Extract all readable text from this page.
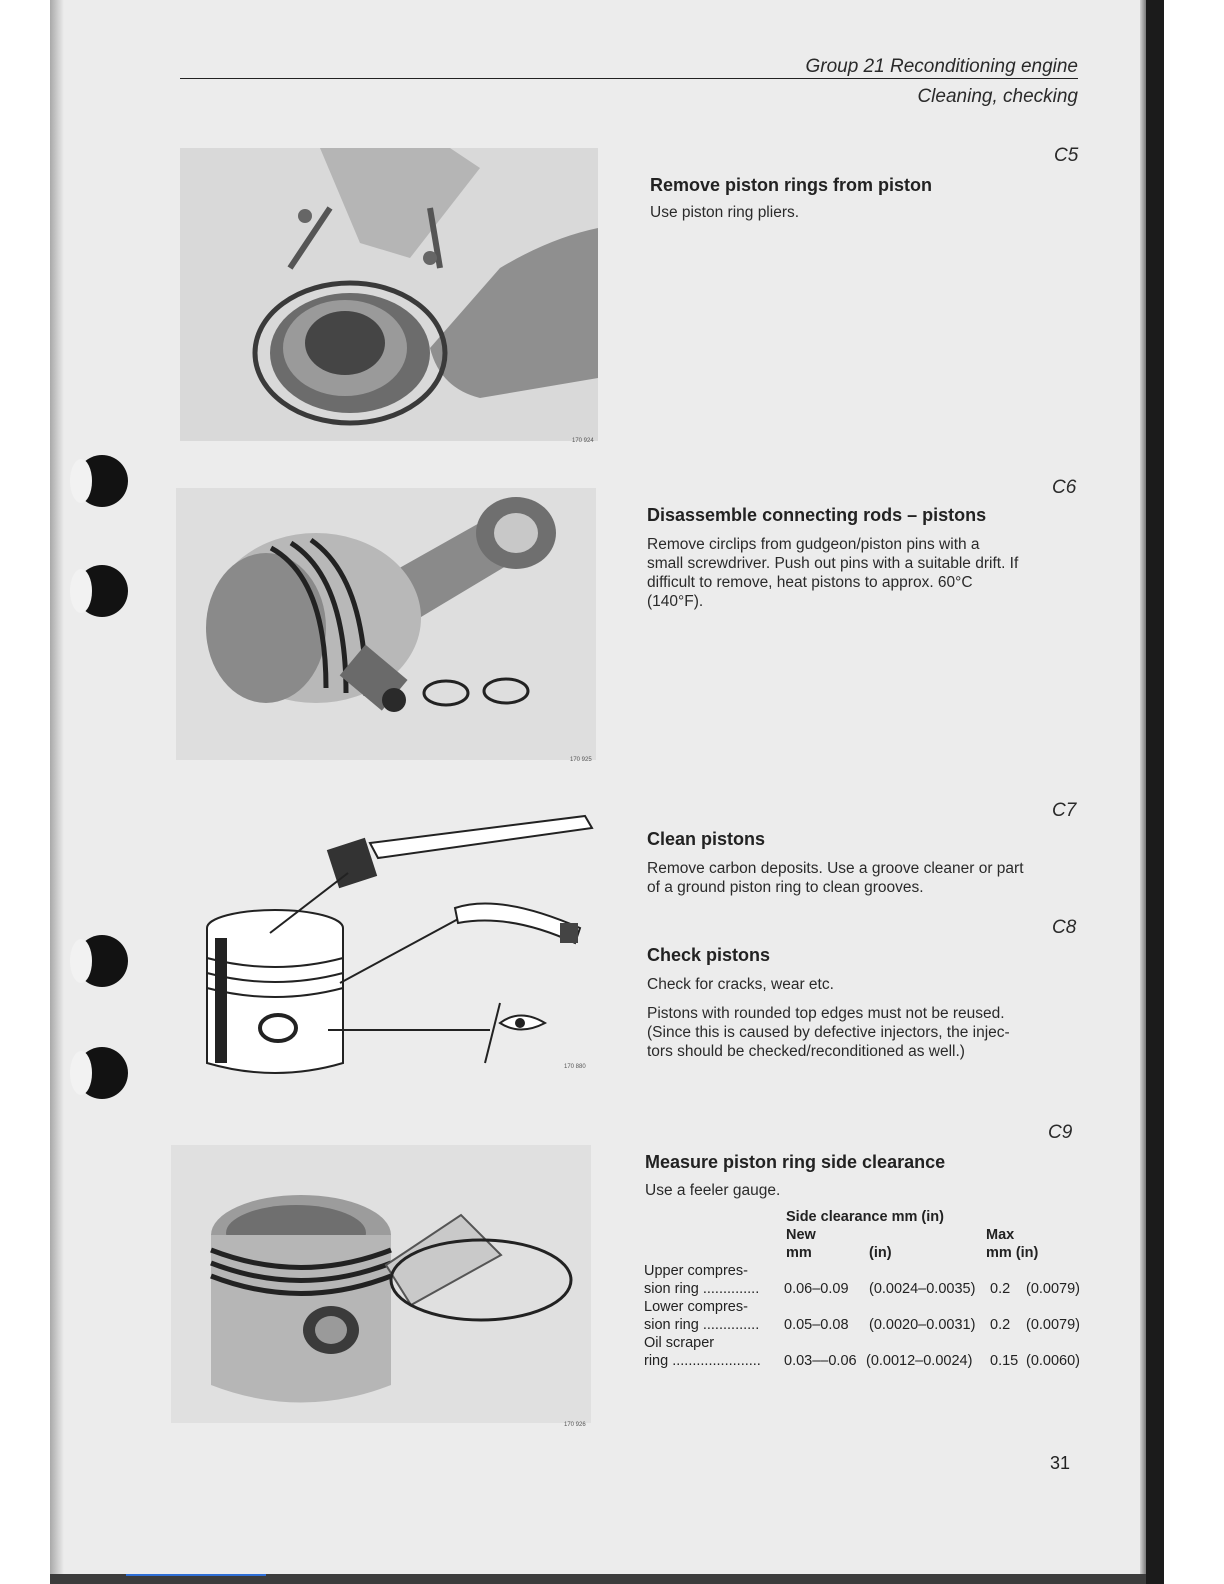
Group 21 Reconditioning engine
Cleaning, checking
170 924
C5
Remove piston rings from piston
Use piston ring pliers.
170 925
C6
Disassemble connecting rods – pistons
Remove circlips from gudgeon/piston pins with a
small screwdriver. Push out pins with a suitable drift. If
difficult to remove, heat pistons to approx. 60°C
(140°F).
170 880
C7
Clean pistons
Remove carbon deposits. Use a groove cleaner or part
of a ground piston ring to clean grooves.
C8
Check pistons
Check for cracks, wear etc.
Pistons with rounded top edges must not be reused.
(Since this is caused by defective injectors, the injec-
tors should be checked/reconditioned as well.)
170 926
C9
Measure piston ring side clearance
Use a feeler gauge.
Side clearance mm (in)
New	Max
mm	(in)	mm (in)
Upper compres-
sion ring .............. 0.06–0.09 (0.0024–0.0035) 0.2 (0.0079)
Lower compres-
sion ring .............. 0.05–0.08 (0.0020–0.0031) 0.2 (0.0079)
Oil scraper
ring ...................... 0.03––0.06 (0.0012–0.0024) 0.15 (0.0060)
31
